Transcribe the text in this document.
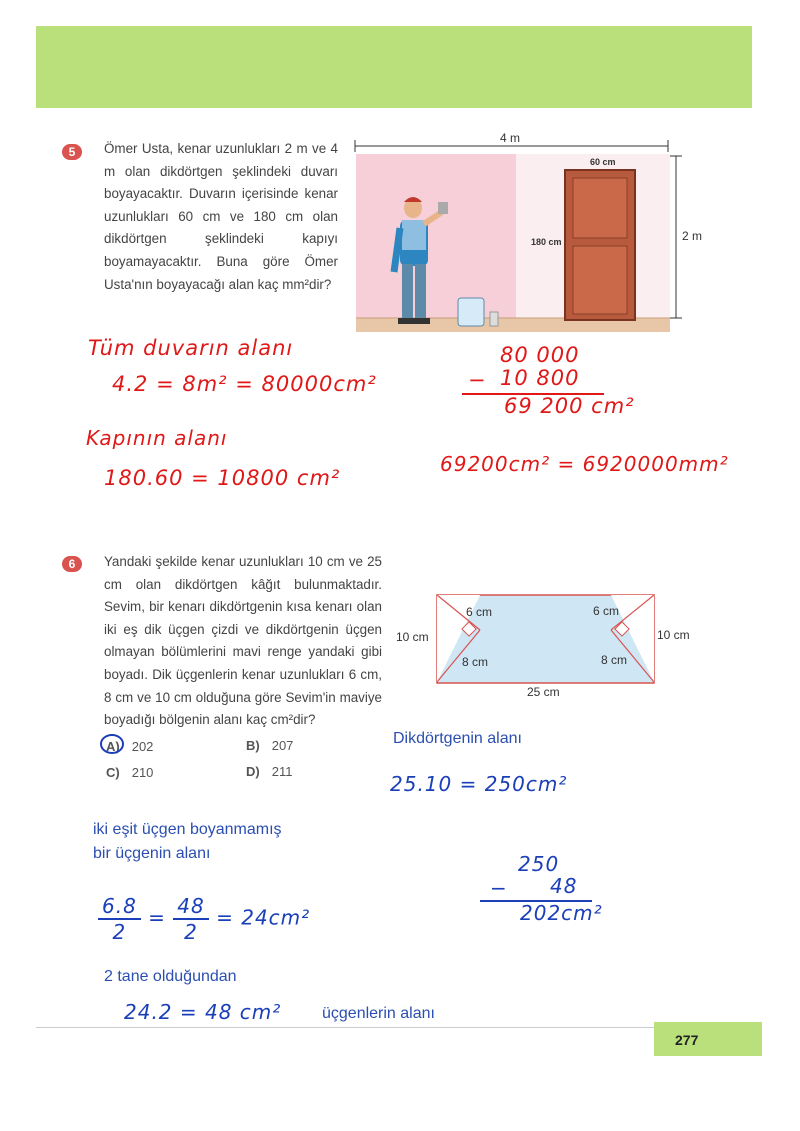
5	Ömer Usta, kenar uzunlukları 2 m ve 4 m olan dikdörtgen şeklindeki duvarı boyayacaktır. Duvarın içerisinde kenar uzunlukları 60 cm ve 180 cm olan dikdörtgen şeklindeki kapıyı boyamayacaktır. Buna göre Ömer Usta'nın boyayacağı alan kaç mm²dir?
4 m
2 m
60 cm
180 cm
Tüm duvarın alanı
4.2 = 8m² = 80000cm²
Kapının alanı
180.60 = 10800 cm²
80 000
− 10 800
69 200 cm²
69200cm² = 6920000mm²
6	Yandaki şekilde kenar uzunlukları 10 cm ve 25 cm olan dikdörtgen kâğıt bulunmaktadır. Sevim, bir kenarı dikdörtgenin kısa kenarı olan iki eş dik üçgen çizdi ve dikdörtgenin üçgen olmayan bölümlerini mavi renge yandaki gibi boyadı. Dik üçgenlerin kenar uzunlukları 6 cm, 8 cm ve 10 cm olduğuna göre Sevim'in maviye boyadığı bölgenin alanı kaç cm²dir?
A) 202	B) 207
C) 210	D) 211
10 cm	10 cm
25 cm
6 cm	6 cm
8 cm	8 cm
Dikdörtgenin alanı
25.10 = 250cm²
iki eşit üçgen boyanmamış
bir üçgenin alanı
$\frac{6.8}{2} = \frac{48}{2} = 24cm^2$
250
− 48
202cm²
2 tane olduğundan
24.2 = 48 cm²	üçgenlerin alanı
277
